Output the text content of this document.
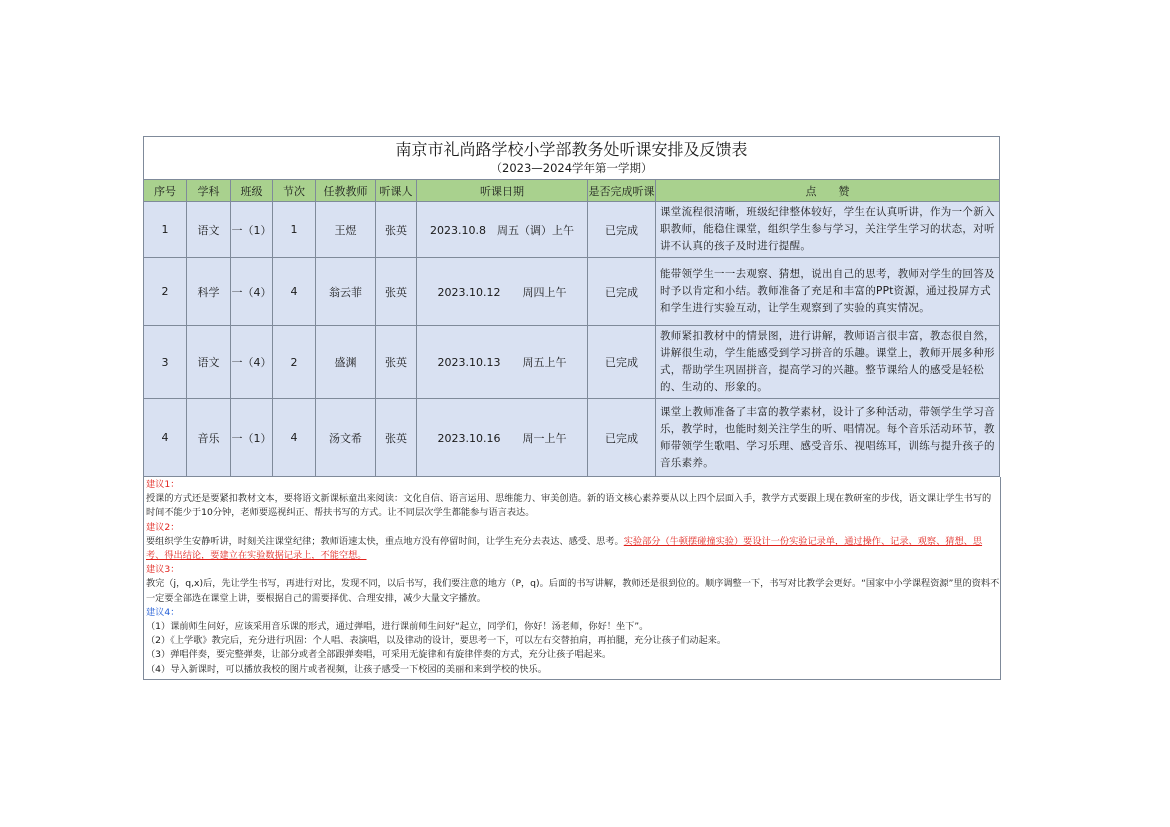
南京市礼尚路学校小学部教务处听课安排及反馈表
（2023—2024学年第一学期）								

序号	学科	班级	节次	任教教师	听课人	听课日期	是否完成听课	点　　赞
1	语文	一（1）	1	王煜	张英	2023.10.8　周五（调）上午	已完成	课堂流程很清晰，班级纪律整体较好，学生在认真听讲，作为一个新入职教师，能稳住课堂，组织学生参与学习，关注学生学习的状态，对听讲不认真的孩子及时进行提醒。
2	科学	一（4）	4	翁云菲	张英	2023.10.12　　周四上午	已完成	能带领学生一一去观察、猜想，说出自己的思考，教师对学生的回答及时予以肯定和小结。教师准备了充足和丰富的PPt资源，通过投屏方式和学生进行实验互动，让学生观察到了实验的真实情况。
3	语文	一（4）	2	盛渊	张英	2023.10.13　　周五上午	已完成	教师紧扣教材中的情景图，进行讲解，教师语言很丰富，教态很自然，讲解很生动，学生能感受到学习拼音的乐趣。课堂上，教师开展多种形式，帮助学生巩固拼音，提高学习的兴趣。整节课给人的感受是轻松的、生动的、形象的。
4	音乐	一（1）	4	汤文希	张英	2023.10.16　　周一上午	已完成	课堂上教师准备了丰富的教学素材，设计了多种活动，带领学生学习音乐，教学时，也能时刻关注学生的听、唱情况。每个音乐活动环节，教师带领学生歌唱、学习乐理、感受音乐、视唱练耳，训练与提升孩子的音乐素养。

建议1：

授课的方式还是要紧扣教材文本，要将语文新课标童出来阅读：文化自信、语言运用、思维能力、审美创造。新的语文核心素养要从以上四个层面入手，教学方式要跟上现在教研室的步伐，语文课让学生书写的时间不能少于10分钟，老师要巡视纠正、帮扶书写的方式。让不同层次学生都能参与语言表达。

建议2：

要组织学生安静听讲，时刻关注课堂纪律；教师语速太快，重点地方没有停留时间，让学生充分去表达、感受、思考。实验部分（牛顿摆碰撞实验）要设计一份实验记录单，通过操作、记录、观察、猜想、思考、得出结论，要建立在实验数据记录上，不能空想。

建议3：

教完（j，q,x)后，先让学生书写，再进行对比，发现不同，以后书写，我们要注意的地方（P，q)。后面的书写讲解，教师还是很到位的。顺序调整一下，书写对比教学会更好。“国家中小学课程资源”里的资料不一定要全部选在课堂上讲，要根据自己的需要择优、合理安排，减少大量文字播放。

建议4：

（1）课前师生问好，应该采用音乐课的形式，通过弹唱，进行课前师生问好“起立，同学们，你好！汤老师，你好！坐下”。

（2）《上学歌》教完后，充分进行巩固：个人唱、表演唱，以及律动的设计，要思考一下，可以左右交替拍肩，再拍腿，充分让孩子们动起来。

（3）弹唱伴奏，要完整弹奏，让部分或者全部跟弹奏唱，可采用无旋律和有旋律伴奏的方式，充分让孩子唱起来。

（4）导入新课时，可以播放我校的图片或者视频，让孩子感受一下校园的美丽和来到学校的快乐。
